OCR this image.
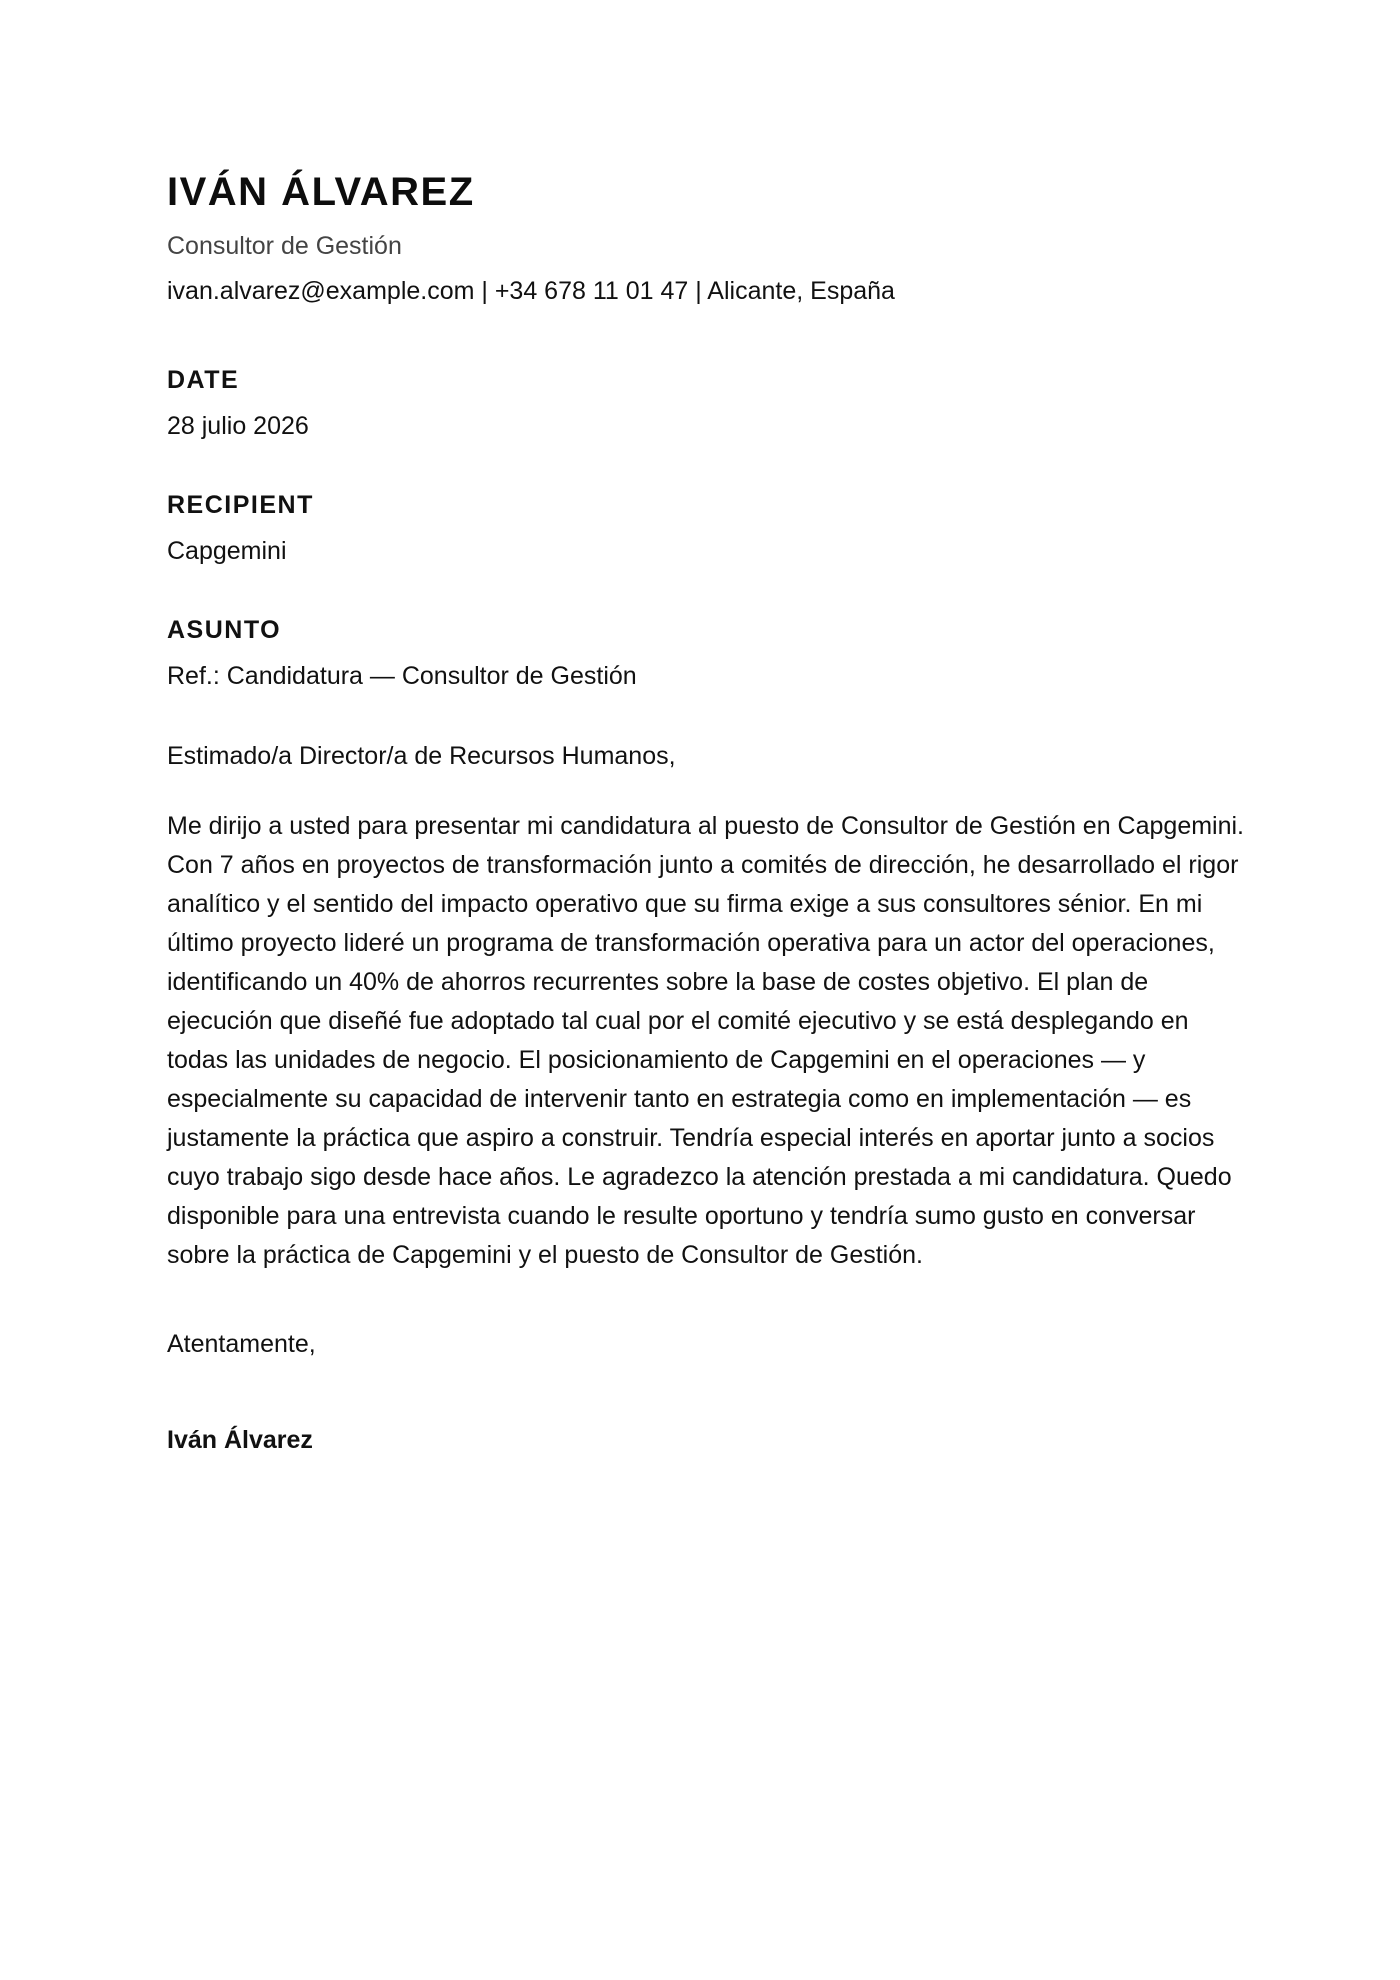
IVÁN ÁLVAREZ
Consultor de Gestión
ivan.alvarez@example.com | +34 678 11 01 47 | Alicante, España
DATE
28 julio 2026
RECIPIENT
Capgemini
ASUNTO
Ref.: Candidatura — Consultor de Gestión
Estimado/a Director/a de Recursos Humanos,

Me dirijo a usted para presentar mi candidatura al puesto de Consultor de Gestión en Capgemini. Con 7 años en proyectos de transformación junto a comités de dirección, he desarrollado el rigor analítico y el sentido del impacto operativo que su firma exige a sus consultores sénior. En mi último proyecto lideré un programa de transformación operativa para un actor del operaciones, identificando un 40% de ahorros recurrentes sobre la base de costes objetivo. El plan de ejecución que diseñé fue adoptado tal cual por el comité ejecutivo y se está desplegando en todas las unidades de negocio. El posicionamiento de Capgemini en el operaciones — y especialmente su capacidad de intervenir tanto en estrategia como en implementación — es justamente la práctica que aspiro a construir. Tendría especial interés en aportar junto a socios cuyo trabajo sigo desde hace años. Le agradezco la atención prestada a mi candidatura. Quedo disponible para una entrevista cuando le resulte oportuno y tendría sumo gusto en conversar sobre la práctica de Capgemini y el puesto de Consultor de Gestión.

Atentamente,
Iván Álvarez
